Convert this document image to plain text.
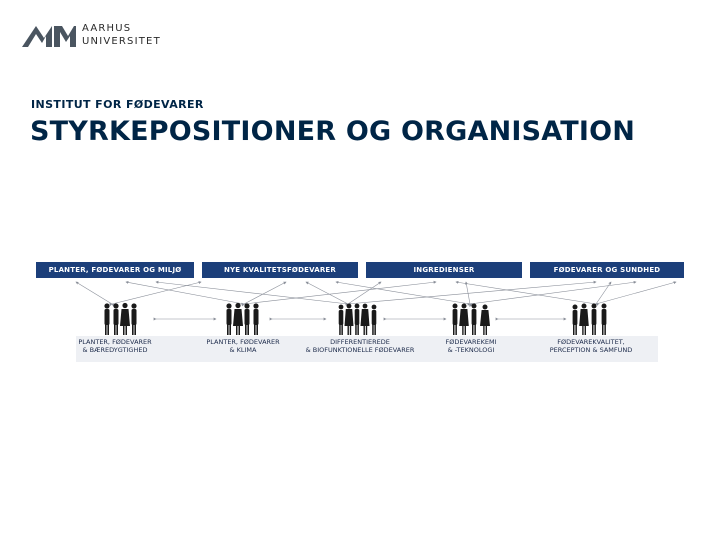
AARHUS
UNIVERSITET
INSTITUT FOR FØDEVARER
STYRKEPOSITIONER OG ORGANISATION
PLANTER, FØDEVARER OG MILJØ	NYE KVALITETSFØDEVARER	INGREDIENSER	FØDEVARER OG SUNDHED
PLANTER, FØDEVARER
& BÆREDYGTIGHED
PLANTER, FØDEVARER
& KLIMA
DIFFERENTIEREDE
& BIOFUNKTIONELLE FØDEVARER
FØDEVAREKEMI
& -TEKNOLOGI
FØDEVAREKVALITET,
PERCEPTION & SAMFUND
